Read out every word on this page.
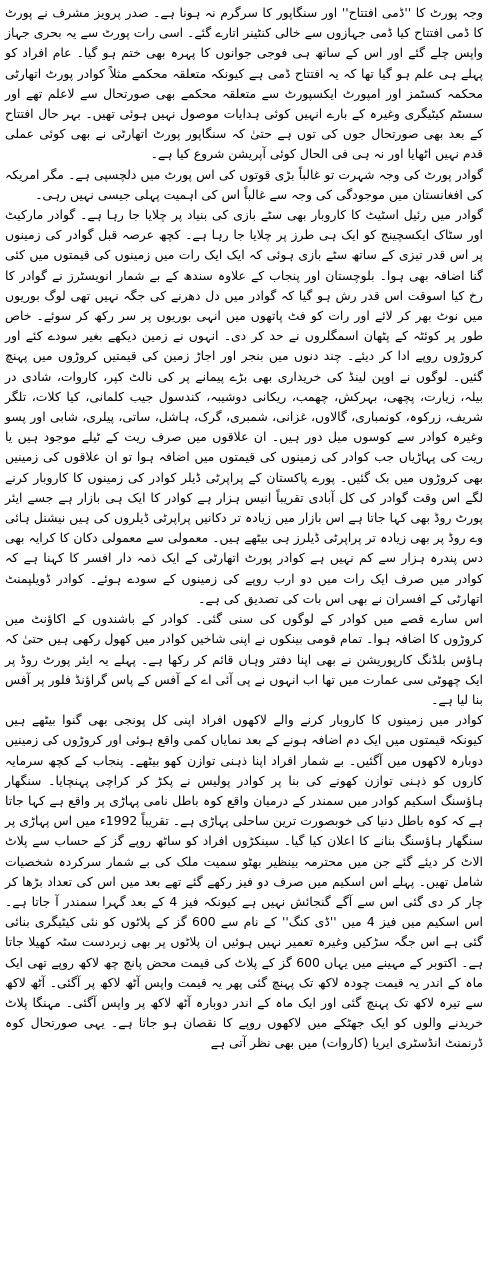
وجہ پورٹ کا ''ڈمی افتتاح'' اور سنگاپور کا سرگرم نہ ہونا ہے۔ صدر پرویز مشرف نے پورٹ کا ڈمی افتتاح کیا ڈمی جہازوں سے خالی کنٹینر اتارے گئے۔ اسی رات پورٹ سے یہ بحری جہاز واپس چلے گئے اور اس کے ساتھ ہی فوجی جوانوں کا پہرہ بھی ختم ہو گیا۔ عام افراد کو پہلے ہی علم ہو گیا تھا کہ یہ افتتاح ڈمی ہے کیونکہ متعلقہ محکمے مثلاً کوادر پورٹ اتھارٹی محکمہ کسٹمز اور امپورٹ ایکسپورٹ سے متعلقہ محکمے بھی صورتحال سے لاعلم تھے اور سسٹم کیٹیگری وغیرہ کے بارے انہیں کوئی ہدایات موصول نہیں ہوئی تھیں۔ بہر حال افتتاح کے بعد بھی صورتحال جوں کی توں ہے حتیٰ کہ سنگاپور پورٹ اتھارٹی نے بھی کوئی عملی قدم نہیں اٹھایا اور نہ ہی فی الحال کوئی آپریشن شروع کیا ہے۔

گوادر پورٹ کی وجہ شہرت تو غالباً بڑی قوتوں کی اس پورٹ میں دلچسپی ہے۔ مگر امریکہ کی افغانستان میں موجودگی کی وجہ سے غالباً اس کی اہمیت پہلی جیسی نہیں رہی۔

گوادر میں رئیل اسٹیٹ کا کاروبار بھی سٹے بازی کی بنیاد پر چلایا جا رہا ہے۔ گوادر مارکیٹ اور سٹاک ایکسچینج کو ایک ہی طرز پر چلایا جا رہا ہے۔ کچھ عرصہ قبل گوادر کی زمینوں پر اس قدر تیزی کے ساتھ سٹے بازی ہوئی کہ ایک ایک رات میں زمینوں کی قیمتوں میں کئی گنا اضافہ بھی ہوا۔ بلوچستان اور پنجاب کے علاوہ سندھ کے بے شمار انویسٹرز نے گوادر کا رخ کیا اسوقت اس قدر رش ہو گیا کہ گوادر میں دل دھرنے کی جگہ نہیں تھی لوگ بوریوں میں نوٹ بھر کر لائے اور رات کو فٹ پاتھوں میں انہی بوریوں پر سر رکھ کر سوئے۔ خاص طور پر کوئٹہ کے پٹھان اسمگلروں نے حد کر دی۔ انہوں نے زمین دیکھے بغیر سودے کئے اور کروڑوں روپے ادا کر دیئے۔ چند دنوں میں بنجر اور اجاڑ زمین کی قیمتیں کروڑوں میں پہنچ گئیں۔ لوگوں نے اوپن لینڈ کی خریداری بھی بڑے پیمانے پر کی نالٹ کپر، کاروات، شادی در بیلہ، زیارت، پچھی، بہرکش، چھمب، ریکانی دوشیبہ، کندسول جیب کلمانی، کیا کلات، تلگر شریف، زرکوہ، کونمباری، گالاوں، غزانی، شمبری، گرک، ہاشل، ساتی، پیلری، شابی اور پسو وغیرہ کوادر سے کوسوں میل دور ہیں۔ ان علاقوں میں صرف ریت کے ٹیلے موجود ہیں یا ریت کی پہاڑیاں جب کوادر کی زمینوں کی قیمتوں میں اضافہ ہوا تو ان علاقوں کی زمینیں بھی کروڑوں میں بک گئیں۔ پورے پاکستان کے پراپرٹی ڈیلر کوادر کی زمینوں کا کاروبار کرنے لگے اس وقت گوادر کی کل آبادی تقریباً انیس ہزار ہے کوادر کا ایک ہی بازار ہے جسے ایئر پورٹ روڈ بھی کہا جاتا ہے اس بازار میں زیادہ تر دکانیں پراپرٹی ڈیلروں کی ہیں نیشنل ہائی وے روڈ پر بھی زیادہ تر پراپرٹی ڈیلرز ہی بیٹھے ہیں۔ معمولی سے معمولی دکان کا کرایہ بھی دس پندرہ ہزار سے کم نہیں ہے کوادر پورٹ اتھارٹی کے ایک ذمہ دار افسر کا کہنا ہے کہ کوادر میں صرف ایک رات میں دو ارب روپے کی زمینوں کے سودے ہوئے۔ کوادر ڈویلپمنٹ اتھارٹی کے افسران نے بھی اس بات کی تصدیق کی ہے۔

اس سارے قصے میں کوادر کے لوگوں کی سنی گئی۔ کوادر کے باشندوں کے اکاؤنٹ میں کروڑوں کا اضافہ ہوا۔ تمام قومی بینکوں نے اپنی شاخیں کوادر میں کھول رکھی ہیں حتیٰ کہ ہاؤس بلڈنگ کارپوریشن نے بھی اپنا دفتر وہاں قائم کر رکھا ہے۔ پہلے یہ ایئر پورٹ روڈ پر ایک چھوٹی سی عمارت میں تھا اب انہوں نے پی آئی اے کے آفس کے پاس گراؤنڈ فلور پر آفس بنا لیا ہے۔

کوادر میں زمینوں کا کاروبار کرنے والے لاکھوں افراد اپنی کل پونجی بھی گنوا بیٹھے ہیں کیونکہ قیمتوں میں ایک دم اضافہ ہونے کے بعد نمایاں کمی واقع ہوئی اور کروڑوں کی زمینیں دوبارہ لاکھوں میں آگئیں۔ بے شمار افراد اپنا ذہنی توازن کھو بیٹھے۔ پنجاب کے کچھ سرمایہ کاروں کو ذہنی توازن کھونے کی بنا پر کوادر پولیس نے پکڑ کر کراچی پہنچایا۔ سنگھار ہاؤسنگ اسکیم کوادر میں سمندر کے درمیان واقع کوہ باطل نامی پہاڑی پر واقع ہے کہا جاتا ہے کہ کوہ باطل دنیا کی خوبصورت ترین ساحلی پہاڑی ہے۔ تقریباً 1992ء میں اس پہاڑی پر سنگھار ہاؤسنگ بنانے کا اعلان کیا گیا۔ سینکڑوں افراد کو ساٹھ روپے گز کے حساب سے پلاٹ الاٹ کر دیئے گئے جن میں محترمہ بینظیر بھٹو سمیت ملک کی بے شمار سرکردہ شخصیات شامل تھیں۔ پہلے اس اسکیم میں صرف دو فیز رکھے گئے تھے بعد میں اس کی تعداد بڑھا کر چار کر دی گئی اس سے آگے گنجائش نہیں ہے کیونکہ فیز 4 کے بعد گہرا سمندر آ جاتا ہے۔ اس اسکیم میں فیز 4 میں ''ڈی کنگ'' کے نام سے 600 گز کے پلاٹوں کو نئی کیٹیگری بنائی گئی ہے اس جگہ سڑکیں وغیرہ تعمیر نہیں ہوئیں ان پلاٹوں پر بھی زبردست سٹہ کھیلا جاتا ہے۔ اکتوبر کے مہینے میں یہاں 600 گز کے پلاٹ کی قیمت محض پانچ چھ لاکھ روپے تھی ایک ماہ کے اندر یہ قیمت چودہ لاکھ تک پہنچ گئی پھر یہ قیمت واپس آٹھ لاکھ پر آگئی۔ آٹھ لاکھ سے تیرہ لاکھ تک پہنچ گئی اور ایک ماہ کے اندر دوبارہ آٹھ لاکھ پر واپس آگئی۔ مہنگا پلاٹ خریدنے والوں کو ایک جھٹکے میں لاکھوں روپے کا نقصان ہو جاتا ہے۔ یہی صورتحال کوہ ڈرنمنٹ انڈسٹری ایریا (کاروات) میں بھی نظر آتی ہے
